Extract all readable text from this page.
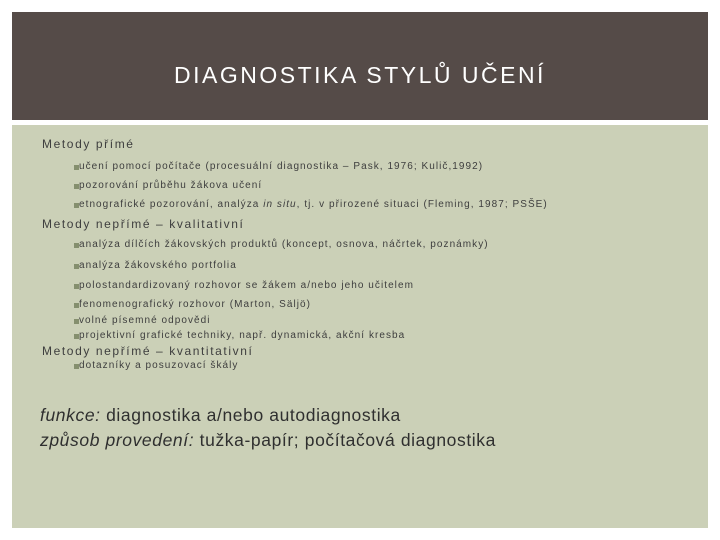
DIAGNOSTIKA STYLŮ UČENÍ
Metody přímé
učení pomocí počítače (procesuální diagnostika – Pask, 1976; Kulič,1992)
pozorování průběhu žákova učení
etnografické pozorování, analýza in situ, tj. v přirozené situaci (Fleming, 1987; PSŠE)
Metody nepřímé – kvalitativní
analýza dílčích žákovských produktů (koncept, osnova, náčrtek, poznámky)
analýza žákovského portfolia
polostandardizovaný rozhovor se žákem a/nebo jeho učitelem
fenomenografický rozhovor (Marton, Säljö)
volné písemné odpovědi
projektivní grafické techniky, např. dynamická, akční kresba
Metody nepřímé – kvantitativní
dotazníky a posuzovací škály
funkce: diagnostika a/nebo autodiagnostika
způsob provedení: tužka-papír; počítačová diagnostika
